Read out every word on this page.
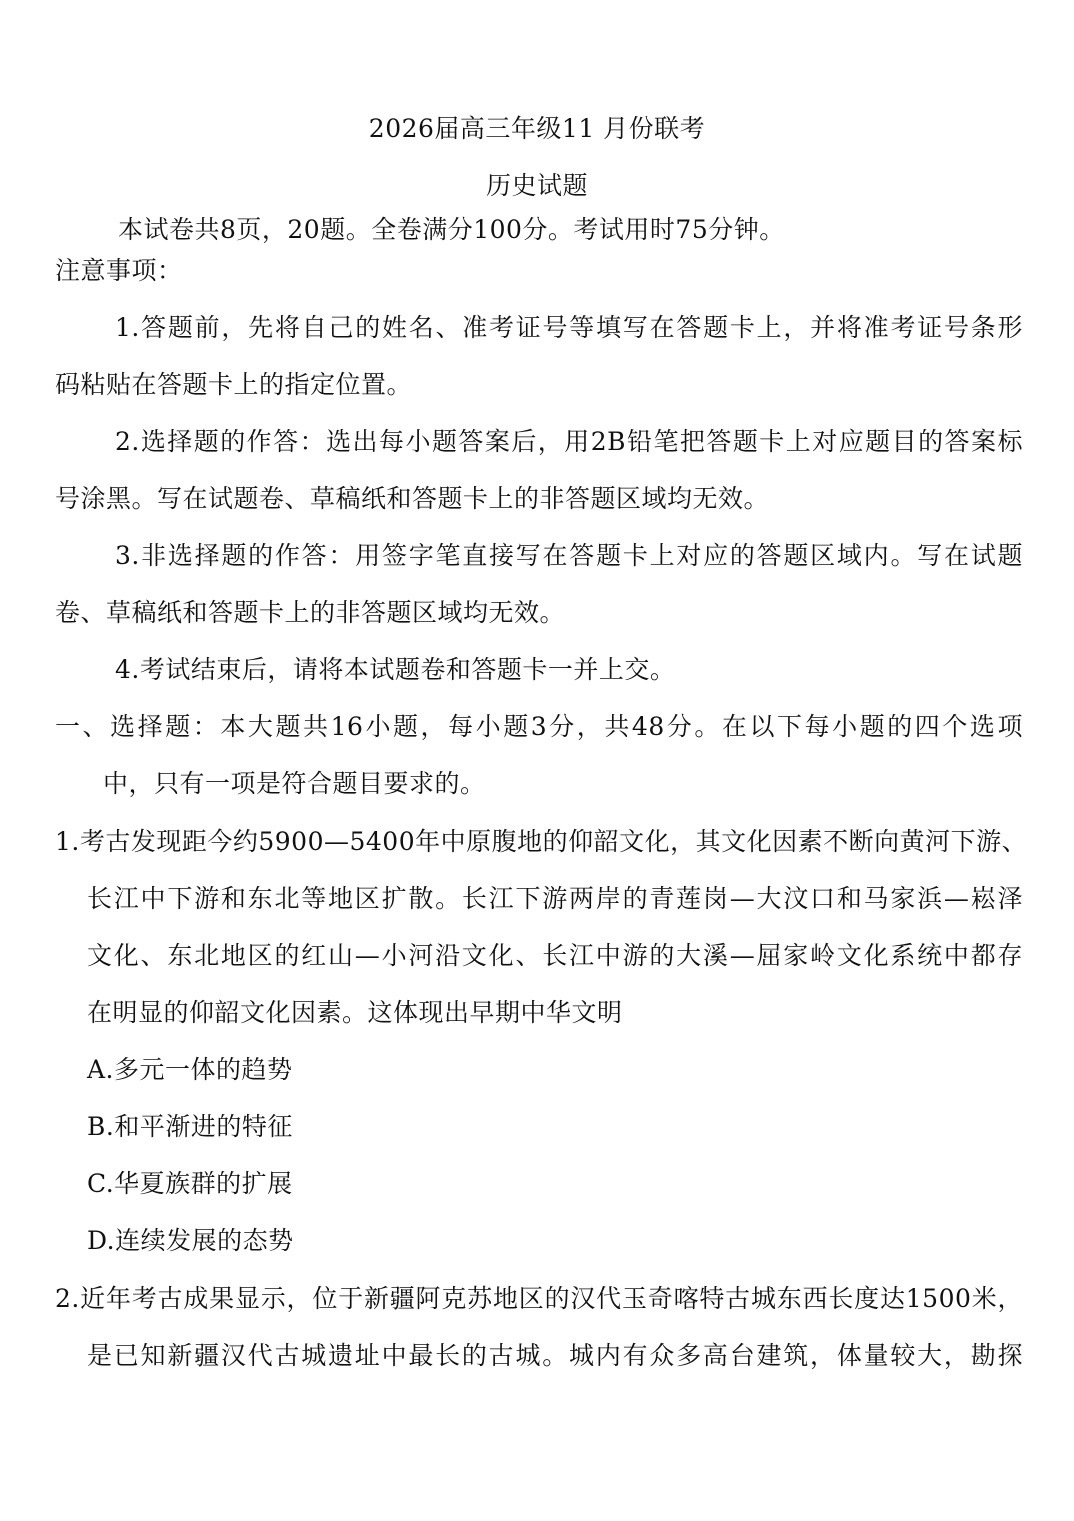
2026届高三年级11 月份联考
历史试题
本试卷共8页，20题。全卷满分100分。考试用时75分钟。
注意事项：
1.答题前，先将自己的姓名、准考证号等填写在答题卡上，并将准考证号条形
码粘贴在答题卡上的指定位置。
2.选择题的作答：选出每小题答案后，用2B铅笔把答题卡上对应题目的答案标
号涂黑。写在试题卷、草稿纸和答题卡上的非答题区域均无效。
3.非选择题的作答：用签字笔直接写在答题卡上对应的答题区域内。写在试题
卷、草稿纸和答题卡上的非答题区域均无效。
4.考试结束后，请将本试题卷和答题卡一并上交。
一、选择题：本大题共16小题，每小题3分，共48分。在以下每小题的四个选项
中，只有一项是符合题目要求的。
1.考古发现距今约5900—5400年中原腹地的仰韶文化，其文化因素不断向黄河下游、
长江中下游和东北等地区扩散。长江下游两岸的青莲岗—大汶口和马家浜—崧泽
文化、东北地区的红山—小河沿文化、长江中游的大溪—屈家岭文化系统中都存
在明显的仰韶文化因素。这体现出早期中华文明
A.多元一体的趋势
B.和平渐进的特征
C.华夏族群的扩展
D.连续发展的态势
2.近年考古成果显示，位于新疆阿克苏地区的汉代玉奇喀特古城东西长度达1500米，
是已知新疆汉代古城遗址中最长的古城。城内有众多高台建筑，体量较大，勘探
